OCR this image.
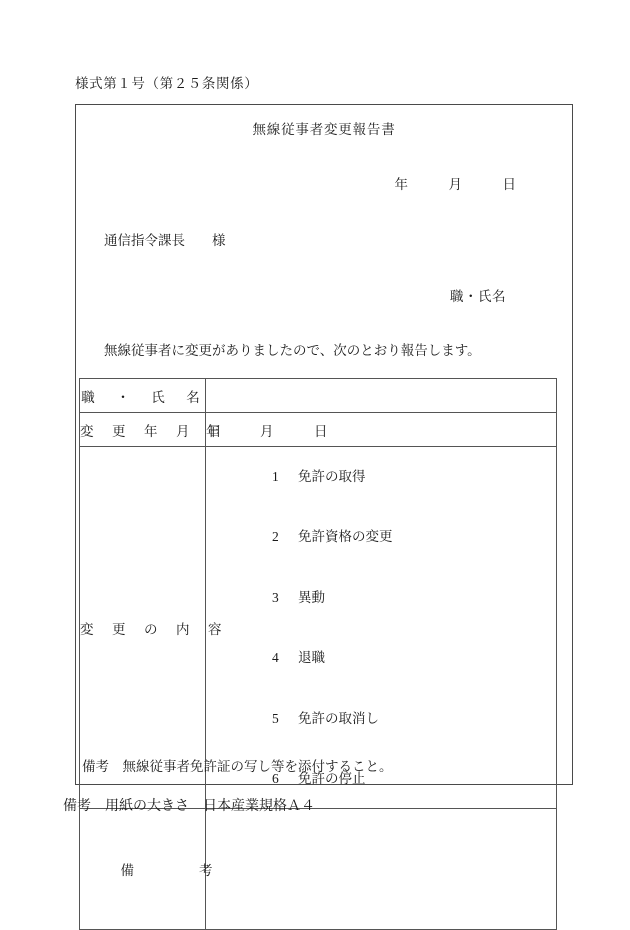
様式第１号（第２５条関係）
無線従事者変更報告書
年　　　月　　　日
通信指令課長　　様
職・氏名
無線従事者に変更がありましたので、次のとおり報告します。
職　・　氏　名	
変　更　年　月　日	年　　　月　　　日
変　更　の　内　容	

1 免許の取得

2 免許資格の変更

3 異動

4 退職

5 免許の取消し

6 免許の停止

備　　　考

備考　無線従事者免許証の写し等を添付すること。
備考　用紙の大きさ　日本産業規格Ａ４
